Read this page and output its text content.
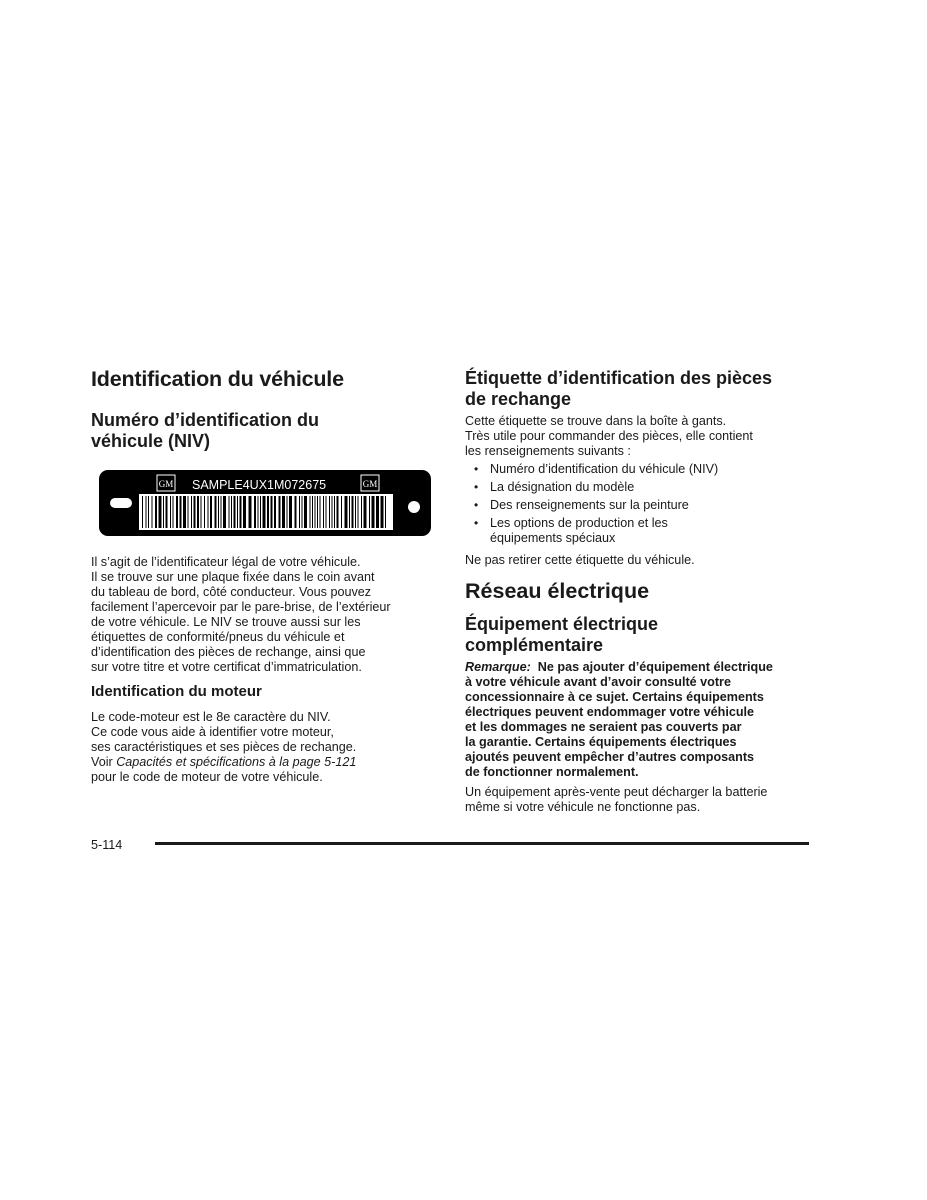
Identification du véhicule
Numéro d’identification du
véhicule (NIV)
GM	GM
SAMPLE4UX1M072675
Il s’agit de l’identificateur légal de votre véhicule.
Il se trouve sur une plaque fixée dans le coin avant
du tableau de bord, côté conducteur. Vous pouvez
facilement l’apercevoir par le pare-brise, de l’extérieur
de votre véhicule. Le NIV se trouve aussi sur les
étiquettes de conformité/pneus du véhicule et
d’identification des pièces de rechange, ainsi que
sur votre titre et votre certificat d’immatriculation.
Identification du moteur
Le code-moteur est le 8e caractère du NIV.
Ce code vous aide à identifier votre moteur,
ses caractéristiques et ses pièces de rechange.
Voir Capacités et spécifications à la page 5-121
pour le code de moteur de votre véhicule.
Étiquette d’identification des pièces
de rechange
Cette étiquette se trouve dans la boîte à gants.
Très utile pour commander des pièces, elle contient
les renseignements suivants :
• Numéro d’identification du véhicule (NIV)
• La désignation du modèle
• Des renseignements sur la peinture
• Les options de production et les
équipements spéciaux
Ne pas retirer cette étiquette du véhicule.
Réseau électrique
Équipement électrique
complémentaire
Remarque: Ne pas ajouter d’équipement électrique
à votre véhicule avant d’avoir consulté votre
concessionnaire à ce sujet. Certains équipements
électriques peuvent endommager votre véhicule
et les dommages ne seraient pas couverts par
la garantie. Certains équipements électriques
ajoutés peuvent empêcher d’autres composants
de fonctionner normalement.
Un équipement après-vente peut décharger la batterie
même si votre véhicule ne fonctionne pas.
5-114
